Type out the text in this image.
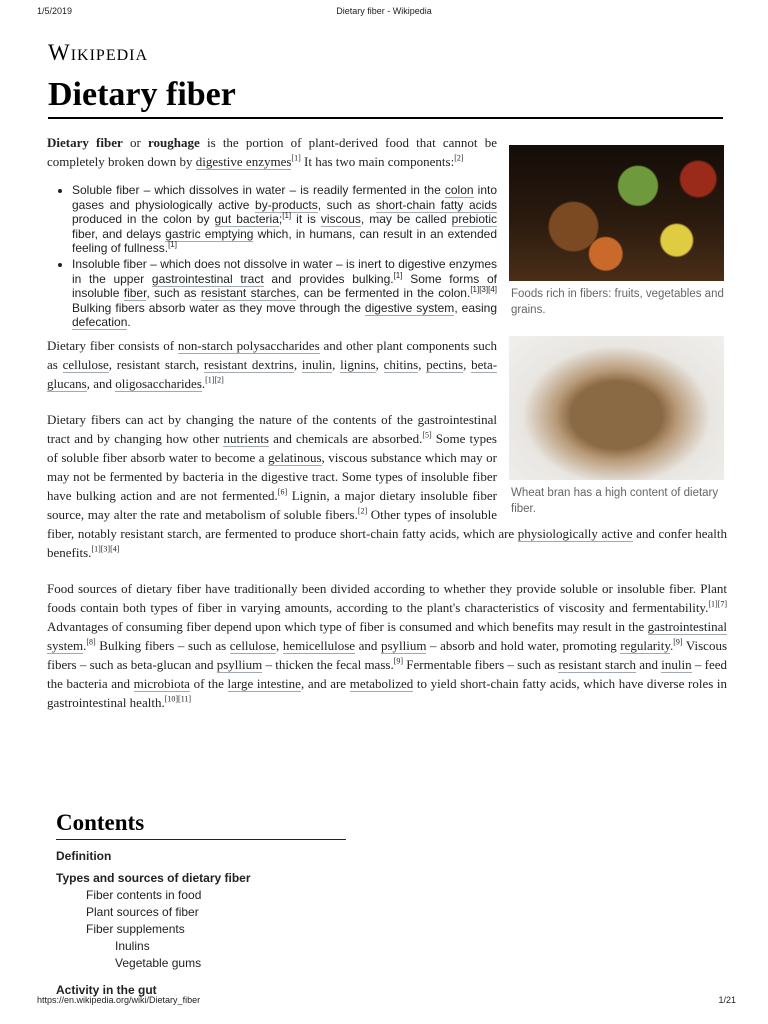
1/5/2019	Dietary fiber - Wikipedia
Wikipedia
Dietary fiber
Foods rich in fibers: fruits, vegetables and grains.

Dietary fiber or roughage is the portion of plant-derived food that cannot be completely broken down by digestive enzymes[1] It has two main components:[2]

• Soluble fiber – which dissolves in water – is readily fermented in the colon into gases and physiologically active by-products, such as short-chain fatty acids produced in the colon by gut bacteria;[1] it is viscous, may be called prebiotic fiber, and delays gastric emptying which, in humans, can result in an extended feeling of fullness.[1]
• Insoluble fiber – which does not dissolve in water – is inert to digestive enzymes in the upper gastrointestinal tract and provides bulking.[1] Some forms of insoluble fiber, such as resistant starches, can be fermented in the colon.[1][3][4] Bulking fibers absorb water as they move through the digestive system, easing defecation.
Wheat bran has a high content of dietary fiber.

Dietary fiber consists of non-starch polysaccharides and other plant components such as cellulose, resistant starch, resistant dextrins, inulin, lignins, chitins, pectins, beta-glucans, and oligosaccharides.[1][2]

Dietary fibers can act by changing the nature of the contents of the gastrointestinal tract and by changing how other nutrients and chemicals are absorbed.[5] Some types of soluble fiber absorb water to become a gelatinous, viscous substance which may or may not be fermented by bacteria in the digestive tract. Some types of insoluble fiber have bulking action and are not fermented.[6] Lignin, a major dietary insoluble fiber source, may alter the rate and metabolism of soluble fibers.[2] Other types of insoluble fiber, notably resistant starch, are fermented to produce short-chain fatty acids, which are physiologically active and confer health benefits.[1][3][4]

Food sources of dietary fiber have traditionally been divided according to whether they provide soluble or insoluble fiber. Plant foods contain both types of fiber in varying amounts, according to the plant's characteristics of viscosity and fermentability.[1][7] Advantages of consuming fiber depend upon which type of fiber is consumed and which benefits may result in the gastrointestinal system.[8] Bulking fibers – such as cellulose, hemicellulose and psyllium – absorb and hold water, promoting regularity.[9] Viscous fibers – such as beta-glucan and psyllium – thicken the fecal mass.[9] Fermentable fibers – such as resistant starch and inulin – feed the bacteria and microbiota of the large intestine, and are metabolized to yield short-chain fatty acids, which have diverse roles in gastrointestinal health.[10][11]

Contents
Definition
Types and sources of dietary fiber
Fiber contents in food
Plant sources of fiber
Fiber supplements
Inulins
Vegetable gums
Activity in the gut
https://en.wikipedia.org/wiki/Dietary_fiber	1/21
